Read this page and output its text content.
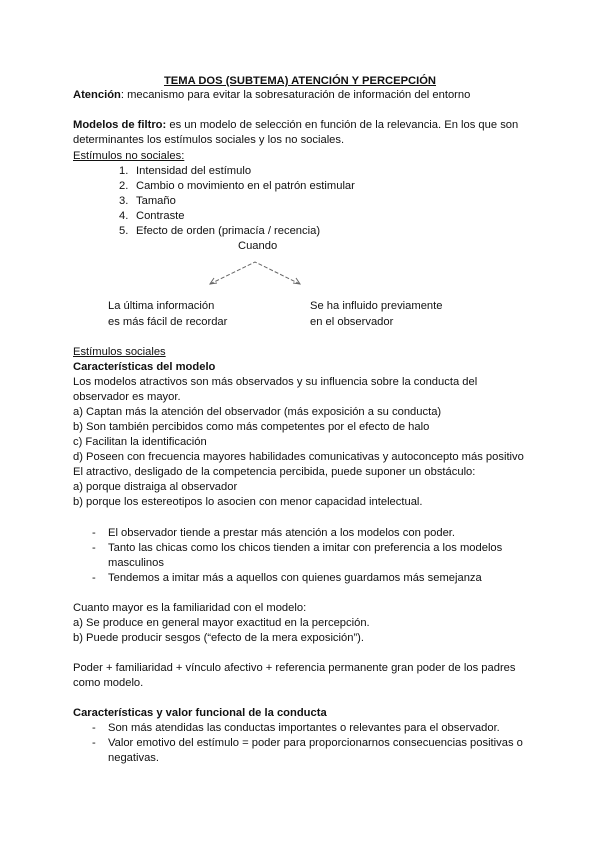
TEMA DOS (SUBTEMA) ATENCIÓN Y PERCEPCIÓN
Atención: mecanismo para evitar la sobresaturación de información del entorno
Modelos de filtro: es un modelo de selección en función de la relevancia. En los que son
determinantes los estímulos sociales y los no sociales.
Estímulos no sociales:
1. Intensidad del estímulo
2. Cambio o movimiento en el patrón estimular
3. Tamaño
4. Contraste
5. Efecto de orden (primacía / recencia)
Cuando
La última información
es más fácil de recordar
Se ha influido previamente
en el observador
Estímulos sociales
Características del modelo
Los modelos atractivos son más observados y su influencia sobre la conducta del
observador es mayor.
a) Captan más la atención del observador (más exposición a su conducta)
b) Son también percibidos como más competentes por el efecto de halo
c) Facilitan la identificación
d) Poseen con frecuencia mayores habilidades comunicativas y autoconcepto más positivo
El atractivo, desligado de la competencia percibida, puede suponer un obstáculo:
a) porque distraiga al observador
b) porque los estereotipos lo asocien con menor capacidad intelectual.
- El observador tiende a prestar más atención a los modelos con poder.
- Tanto las chicas como los chicos tienden a imitar con preferencia a los modelos
masculinos
- Tendemos a imitar más a aquellos con quienes guardamos más semejanza
Cuanto mayor es la familiaridad con el modelo:
a) Se produce en general mayor exactitud en la percepción.
b) Puede producir sesgos (“efecto de la mera exposición”).
Poder + familiaridad + vínculo afectivo + referencia permanente gran poder de los padres
como modelo.
Características y valor funcional de la conducta
- Son más atendidas las conductas importantes o relevantes para el observador.
- Valor emotivo del estímulo = poder para proporcionarnos consecuencias positivas o
negativas.
